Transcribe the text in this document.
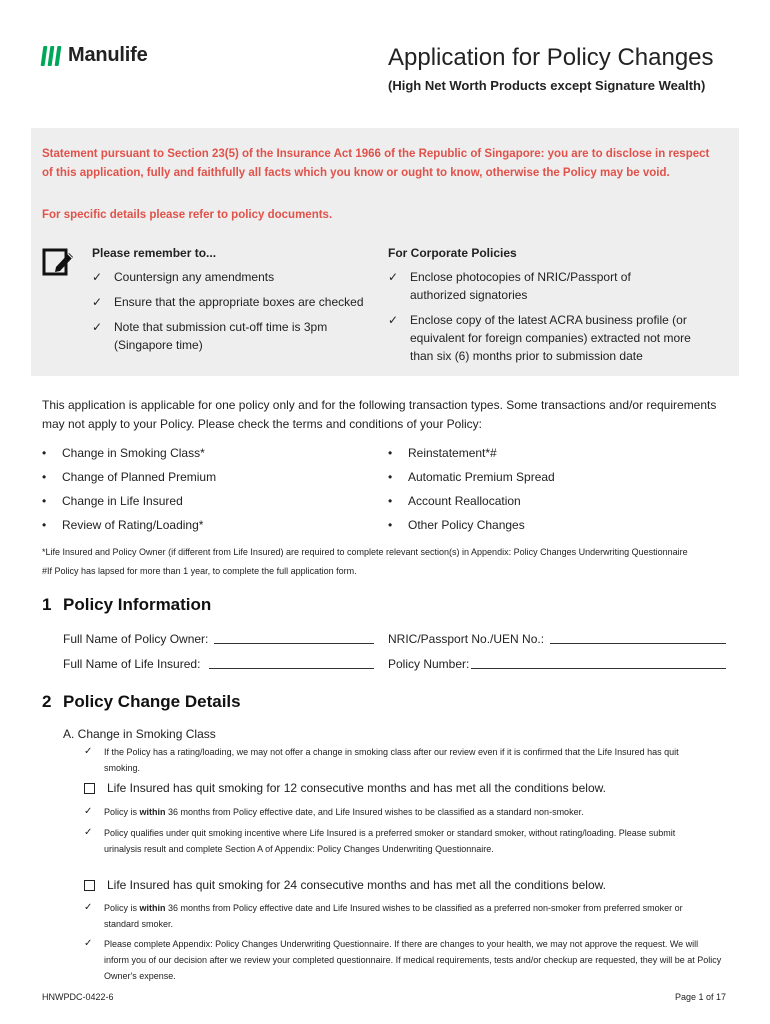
Manulife	Application for Policy Changes
(High Net Worth Products except Signature Wealth)
Statement pursuant to Section 23(5) of the Insurance Act 1966 of the Republic of Singapore: you are to disclose in respect of this application, fully and faithfully all facts which you know or ought to know, otherwise the Policy may be void.
For specific details please refer to policy documents.
Please remember to...
✓ Countersign any amendments
✓ Ensure that the appropriate boxes are checked
✓ Note that submission cut-off time is 3pm (Singapore time)
For Corporate Policies
✓ Enclose photocopies of NRIC/Passport of authorized signatories
✓ Enclose copy of the latest ACRA business profile (or equivalent for foreign companies) extracted not more than six (6) months prior to submission date
This application is applicable for one policy only and for the following transaction types. Some transactions and/or requirements may not apply to your Policy. Please check the terms and conditions of your Policy:
•	Change in Smoking Class*
•	Change of Planned Premium
•	Change in Life Insured
•	Review of Rating/Loading*
•	Reinstatement*#
•	Automatic Premium Spread
•	Account Reallocation
•	Other Policy Changes
*Life Insured and Policy Owner (if different from Life Insured) are required to complete relevant section(s) in Appendix: Policy Changes Underwriting Questionnaire
#If Policy has lapsed for more than 1 year, to complete the full application form.
1 Policy Information
Full Name of Policy Owner:	NRIC/Passport No./UEN No.:
Full Name of Life Insured:	Policy Number:
2 Policy Change Details
A. Change in Smoking Class
✓	If the Policy has a rating/loading, we may not offer a change in smoking class after our review even if it is confirmed that the Life Insured has quit smoking.
Life Insured has quit smoking for 12 consecutive months and has met all the conditions below.
✓	Policy is within 36 months from Policy effective date, and Life Insured wishes to be classified as a standard non-smoker.
✓	Policy qualifies under quit smoking incentive where Life Insured is a preferred smoker or standard smoker, without rating/loading. Please submit urinalysis result and complete Section A of Appendix: Policy Changes Underwriting Questionnaire.
Life Insured has quit smoking for 24 consecutive months and has met all the conditions below.
✓	Policy is within 36 months from Policy effective date and Life Insured wishes to be classified as a preferred non-smoker from preferred smoker or standard smoker.
✓	Please complete Appendix: Policy Changes Underwriting Questionnaire. If there are changes to your health, we may not approve the request. We will inform you of our decision after we review your completed questionnaire. If medical requirements, tests and/or checkup are requested, they will be at Policy Owner's expense.
HNWPDC-0422-6	Page 1 of 17
